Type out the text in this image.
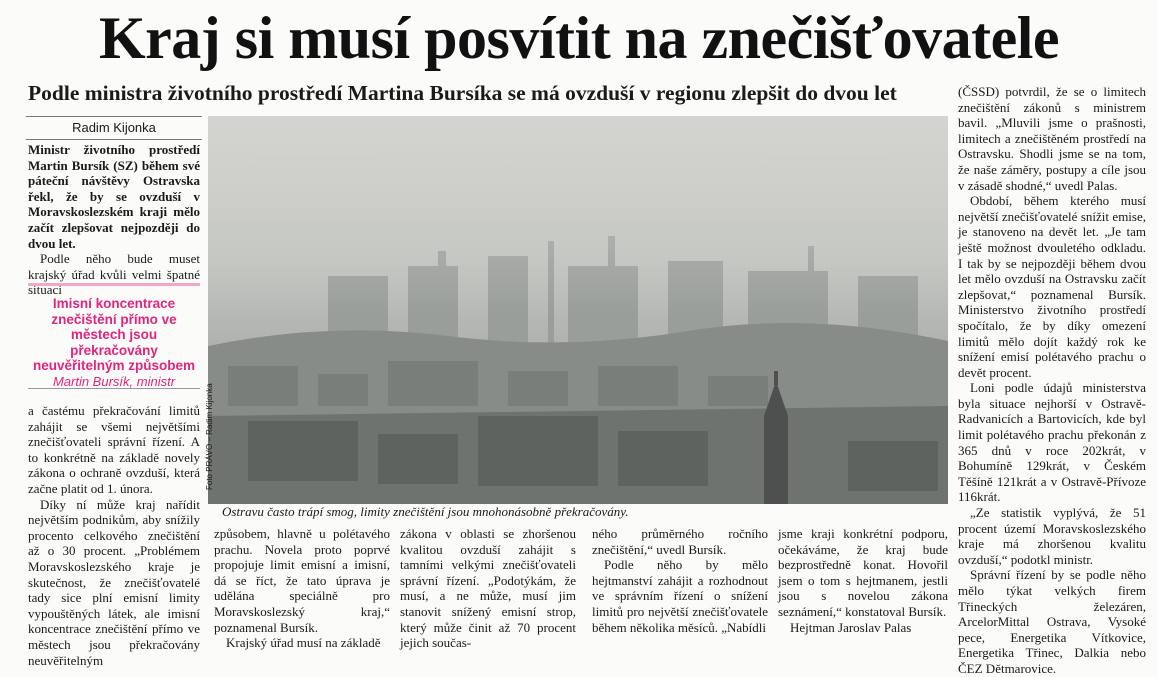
Kraj si musí posvítit na znečišťovatele
Podle ministra životního prostředí Martina Bursíka se má ovzduší v regionu zlepšit do dvou let
Radim Kijonka

Ministr životního prostředí Martin Bursík (SZ) během své páteční návštěvy Ostravska řekl, že by se ovzduší v Moravskoslezském kraji mělo začít zlepšovat nejpozději do dvou let.

Podle něho bude muset krajský úřad kvůli velmi špatné situaci

Imisní koncentrace znečištění přímo ve městech jsou překračovány neuvěřitelným způsobem
Martin Bursík, ministr

a častému překračování limitů zahájit se všemi největšími znečišťovateli správní řízení. A to konkrétně na základě novely zákona o ochraně ovzduší, která začne platit od 1. února.

Díky ní může kraj nařídit největším podnikům, aby snížily procento celkového znečištění až o 30 procent. „Problémem Moravskoslezského kraje je skutečnost, že znečišťovatelé tady sice plní emisní limity vypouštěných látek, ale imisní koncentrace znečištění přímo ve městech jsou překračovány neuvěřitelným

Foto PRÁVO – Radim Kijonka
Ostravu často trápí smog, limity znečištění jsou mnohonásobně překračovány.

způsobem, hlavně u polétavého prachu. Novela proto poprvé propojuje limit emisní a imisní, dá se říct, že tato úprava je udělána speciálně pro Moravskoslezský kraj,“ poznamenal Bursík.

Krajský úřad musí na základě

zákona v oblasti se zhoršenou kvalitou ovzduší zahájit s tamními velkými znečišťovateli správní řízení. „Podotýkám, že musí, a ne může, musí jim stanovit snížený emisní strop, který může činit až 70 procent jejich součas-

ného průměrného ročního znečištění,“ uvedl Bursík.

Podle něho by mělo hejtmanství zahájit a rozhodnout ve správním řízení o snížení limitů pro největší znečišťovatele během několika měsíců. „Nabídli

jsme kraji konkrétní podporu, očekáváme, že kraj bude bezprostředně konat. Hovořil jsem o tom s hejtmanem, jestli jsou s novelou zákona seznámení,“ konstatoval Bursík.

Hejtman Jaroslav Palas

(ČSSD) potvrdil, že se o limitech znečištění zákonů s ministrem bavil. „Mluvili jsme o prašnosti, limitech a znečištěném prostředí na Ostravsku. Shodli jsme se na tom, že naše záměry, postupy a cíle jsou v zásadě shodné,“ uvedl Palas.

Období, během kterého musí největší znečišťovatelé snížit emise, je stanoveno na devět let. „Je tam ještě možnost dvouletého odkladu. I tak by se nejpozději během dvou let mělo ovzduší na Ostravsku začít zlepšovat,“ poznamenal Bursík. Ministerstvo životního prostředí spočítalo, že by díky omezení limitů mělo dojít každý rok ke snížení emisí polétavého prachu o devět procent.

Loni podle údajů ministerstva byla situace nejhorší v Ostravě-Radvanicích a Bartovicích, kde byl limit polétavého prachu překonán z 365 dnů v roce 202krát, v Bohumíně 129krát, v Českém Těšíně 121krát a v Ostravě-Přívoze 116krát.

„Ze statistik vyplývá, že 51 procent území Moravskoslezského kraje má zhoršenou kvalitu ovzduší,“ podotkl ministr.

Správní řízení by se podle něho mělo týkat velkých firem Třineckých železáren, ArcelorMittal Ostrava, Vysoké pece, Energetika Vítkovice, Energetika Třinec, Dalkia nebo ČEZ Dětmarovice.
